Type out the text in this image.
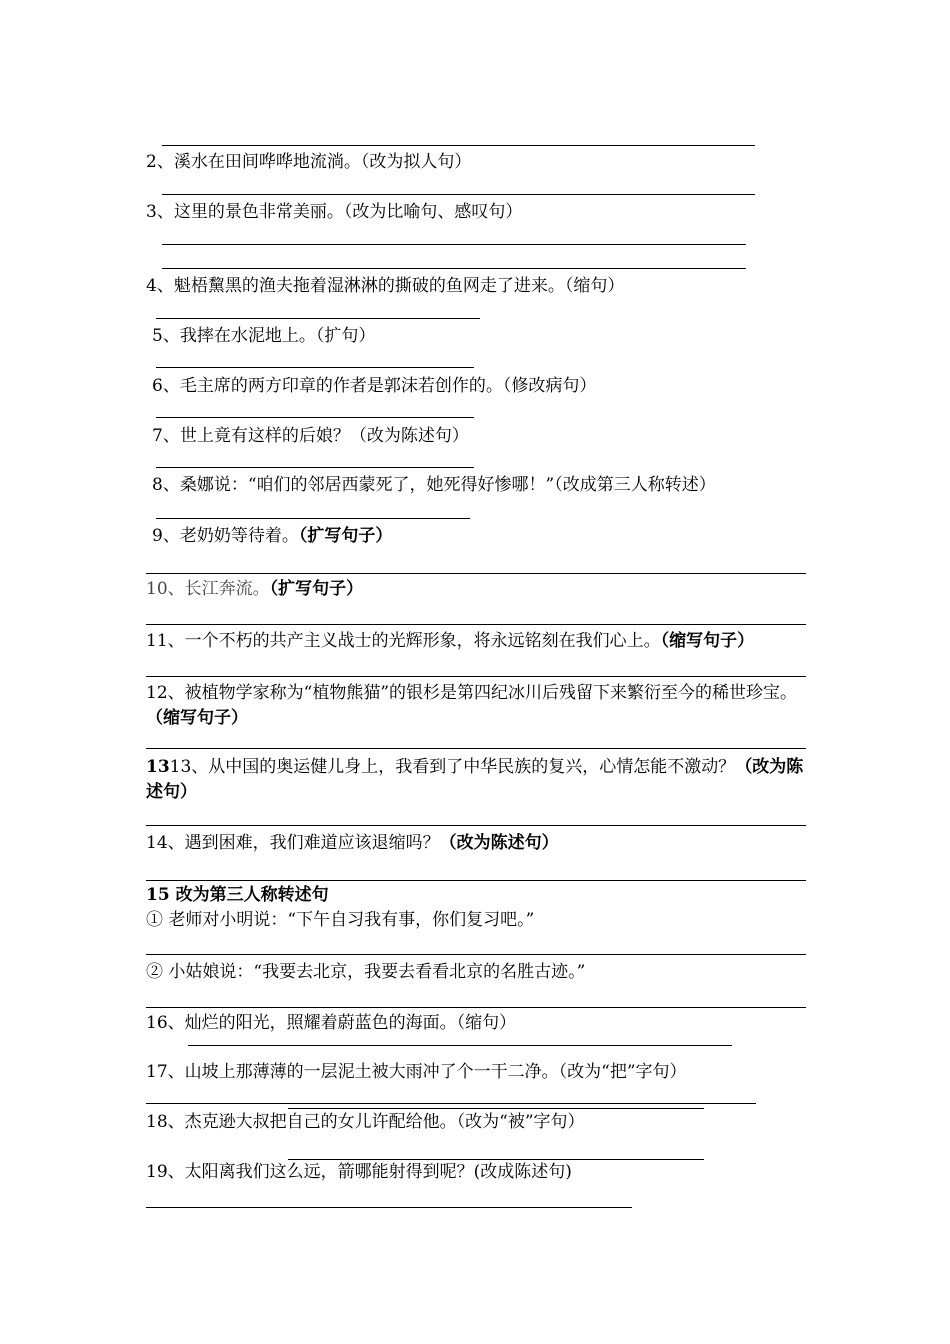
2、溪水在田间哗哗地流淌。（改为拟人句）
3、这里的景色非常美丽。（改为比喻句、感叹句）
4、魁梧黧黑的渔夫拖着湿淋淋的撕破的鱼网走了进来。（缩句）
5、我摔在水泥地上。（扩句）
6、毛主席的两方印章的作者是郭沫若创作的。（修改病句）
7、世上竟有这样的后娘？（改为陈述句）
8、桑娜说：“咱们的邻居西蒙死了，她死得好惨哪！”（改成第三人称转述）
9、老奶奶等待着。（扩写句子）
10、长江奔流。（扩写句子）
11、一个不朽的共产主义战士的光辉形象，将永远铭刻在我们心上。（缩写句子）
12、被植物学家称为“植物熊猫”的银杉是第四纪冰川后残留下来繁衍至今的稀世珍宝。（缩写句子）
1313、从中国的奥运健儿身上，我看到了中华民族的复兴，心情怎能不激动？（改为陈述句）
14、遇到困难，我们难道应该退缩吗？（改为陈述句）
15 改为第三人称转述句
① 老师对小明说：“下午自习我有事，你们复习吧。”
② 小姑娘说：“我要去北京，我要去看看北京的名胜古迹。”
16、灿烂的阳光，照耀着蔚蓝色的海面。（缩句）
17、山坡上那薄薄的一层泥土被大雨冲了个一干二净。（改为“把”字句）
18、杰克逊大叔把自己的女儿许配给他。（改为“被”字句）
19、太阳离我们这么远，箭哪能射得到呢？(改成陈述句)
